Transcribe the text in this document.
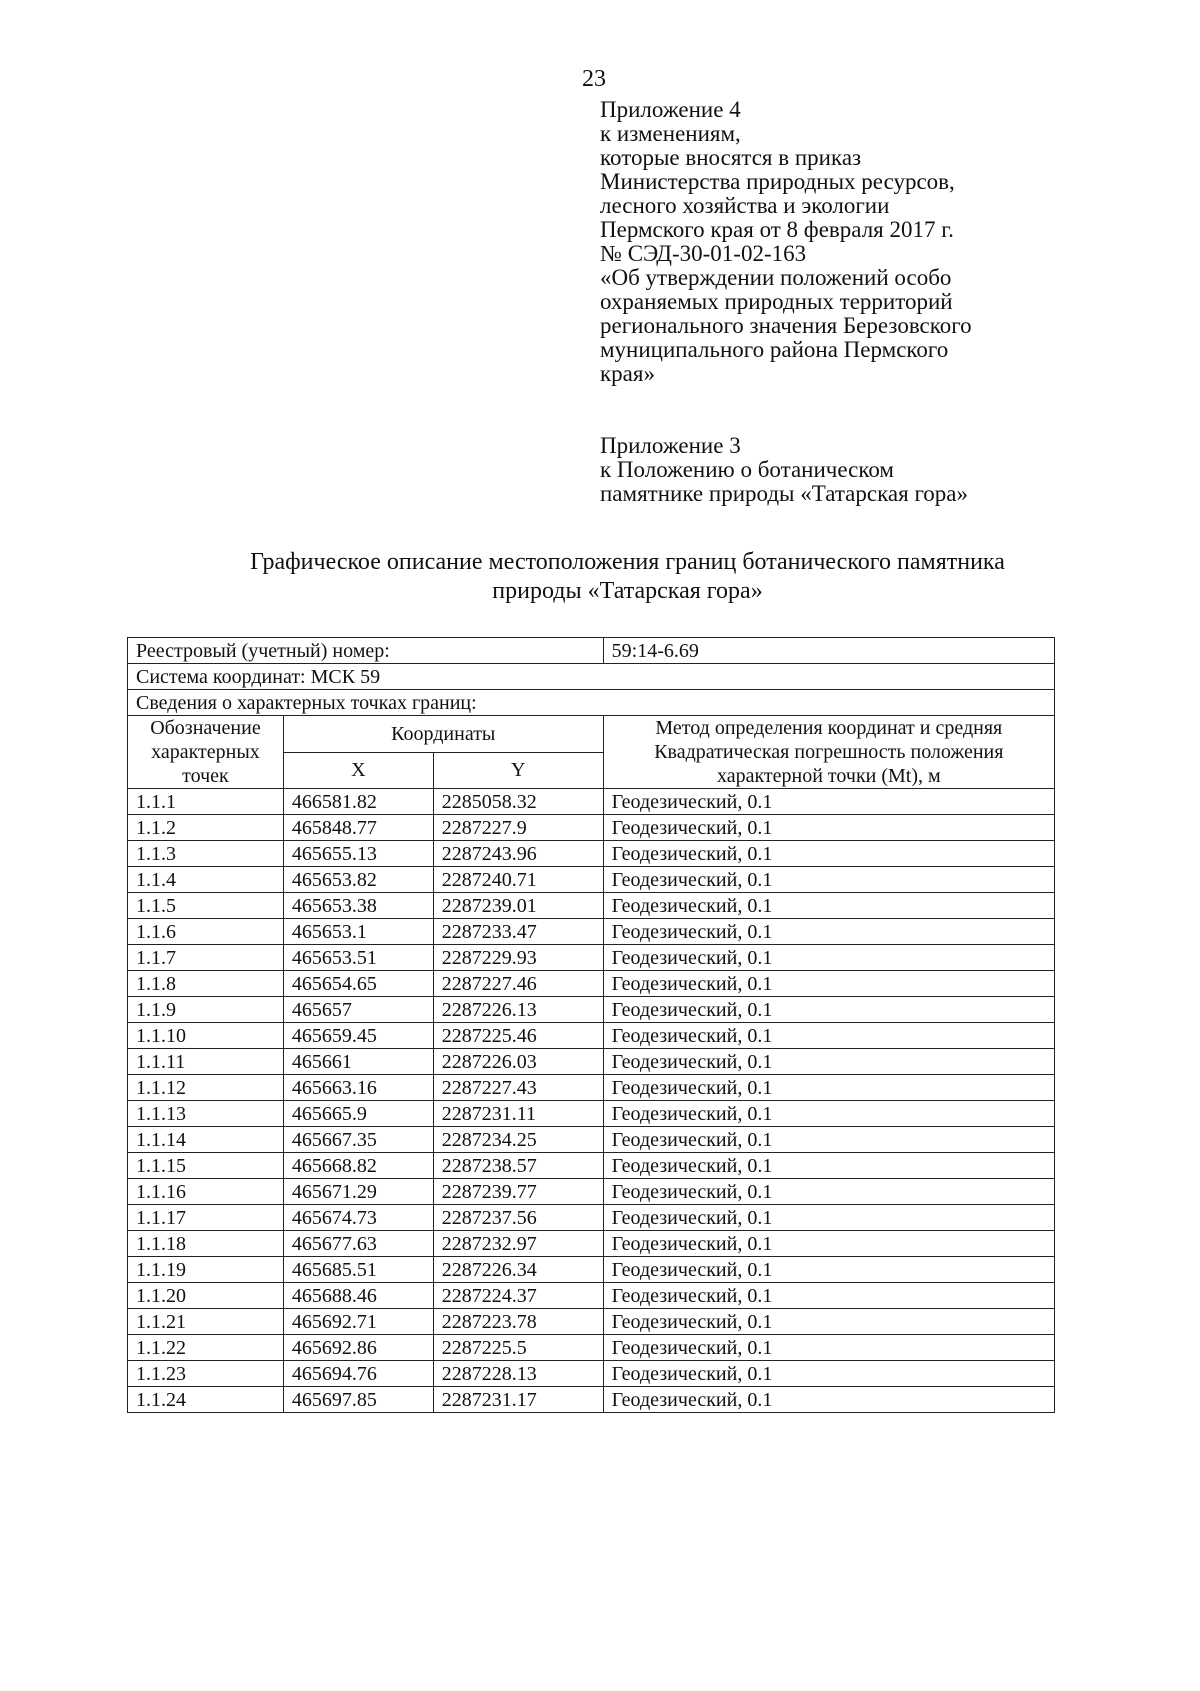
23
Приложение 4
к изменениям,
которые вносятся в приказ
Министерства природных ресурсов,
лесного хозяйства и экологии
Пермского края от 8 февраля 2017 г.
№ СЭД-30-01-02-163
«Об утверждении положений особо
охраняемых природных территорий
регионального значения Березовского
муниципального района Пермского
края»
Приложение 3
к Положению о ботаническом
памятнике природы «Татарская гора»
Графическое описание местоположения границ ботанического памятника
природы «Татарская гора»
Реестровый (учетный) номер:			59:14-6.69
Система координат: МСК 59			
Сведения о характерных точках границ:			
Обозначение характерных точек	Координаты		Метод определения координат и средняя Квадратическая погрешность положения характерной точки (Mt), м
	X	Y	
1.1.1	466581.82	2285058.32	Геодезический, 0.1
1.1.2	465848.77	2287227.9	Геодезический, 0.1
1.1.3	465655.13	2287243.96	Геодезический, 0.1
1.1.4	465653.82	2287240.71	Геодезический, 0.1
1.1.5	465653.38	2287239.01	Геодезический, 0.1
1.1.6	465653.1	2287233.47	Геодезический, 0.1
1.1.7	465653.51	2287229.93	Геодезический, 0.1
1.1.8	465654.65	2287227.46	Геодезический, 0.1
1.1.9	465657	2287226.13	Геодезический, 0.1
1.1.10	465659.45	2287225.46	Геодезический, 0.1
1.1.11	465661	2287226.03	Геодезический, 0.1
1.1.12	465663.16	2287227.43	Геодезический, 0.1
1.1.13	465665.9	2287231.11	Геодезический, 0.1
1.1.14	465667.35	2287234.25	Геодезический, 0.1
1.1.15	465668.82	2287238.57	Геодезический, 0.1
1.1.16	465671.29	2287239.77	Геодезический, 0.1
1.1.17	465674.73	2287237.56	Геодезический, 0.1
1.1.18	465677.63	2287232.97	Геодезический, 0.1
1.1.19	465685.51	2287226.34	Геодезический, 0.1
1.1.20	465688.46	2287224.37	Геодезический, 0.1
1.1.21	465692.71	2287223.78	Геодезический, 0.1
1.1.22	465692.86	2287225.5	Геодезический, 0.1
1.1.23	465694.76	2287228.13	Геодезический, 0.1
1.1.24	465697.85	2287231.17	Геодезический, 0.1
